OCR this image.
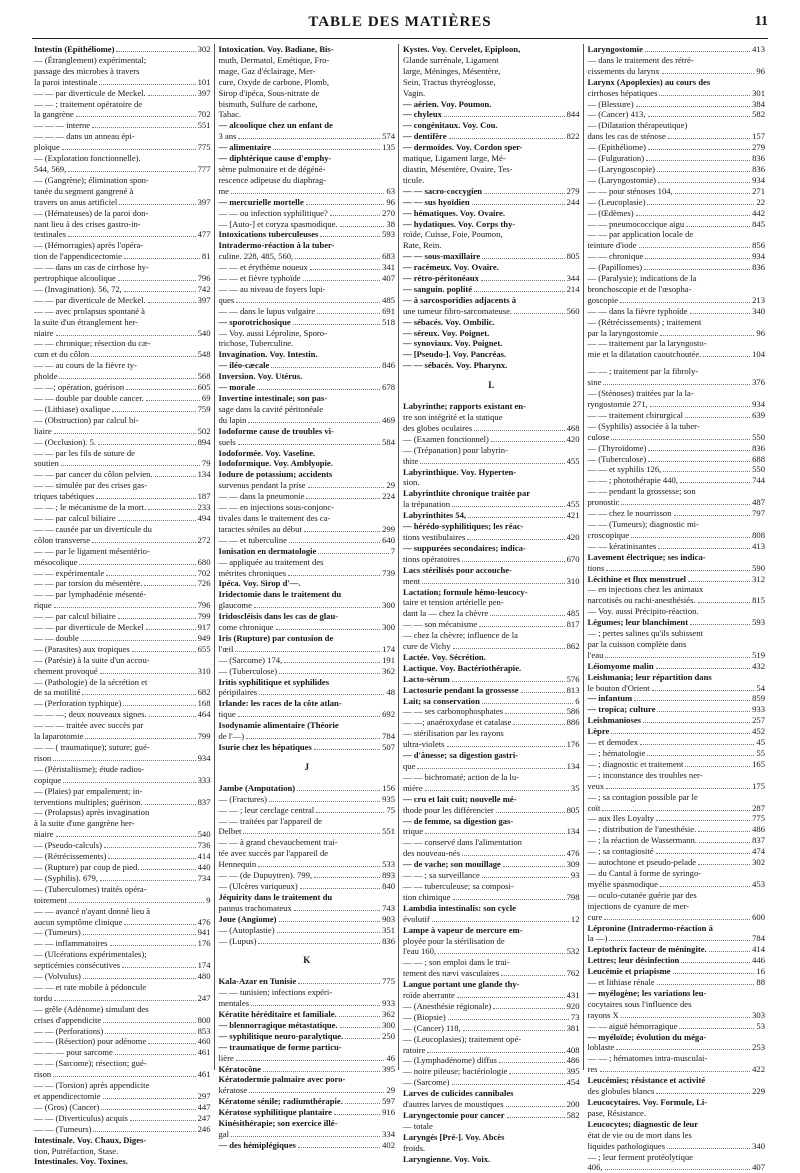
TABLE DES MATIÈRES	11
Intestin (Epithéliome)	302
— (Étranglement) expérimental;
passage des microbes à travers
la paroi intestinale	101
— — par diverticule de Meckel.	397
— — ; traitement opératoire de
la gangrène	702
— — — interne	551
— — — dans un anneau épi-
ploïque	775
— (Exploration fonctionnelle).
544, 569,	777
— (Gangrène); élimination spon-
tanée du segment gangrené à
travers un anus artificiel	397
— (Hémateuses) de la paroi don-
nant lieu à des crises gastro-in-
testinales	477
— (Hémorragies) après l'opéra-
tion de l'appendicectomie	81
— — dans un cas de cirrhose hy-
pertrophique alcoolique	796
— (Invagination). 56, 72,	742
— — par diverticule de Meckel.	397
— — avec prolapsus spontané à
la suite d'un étranglement her-
niaire	540
— — chronique; résection du cæ-
cum et du côlon	548
— — au cours de la fièvre ty-
phoïde	568
— —; opération, guérison	605
— — double par double cancer.	69
— (Lithiase) oxalique	759
— (Obstruction) par calcul bi-
liaire	502
— (Occlusion). 5.	894
— — par les fils de suture de
soutien	79
— — par cancer du côlon pelvien.	134
— — simulée par des crises gas-
triques tabétiques	187
— — ; le mécanisme de la mort.	233
— — par calcul biliaire	494
— — causée par un diverticule du
côlon transverse	272
— — par le ligament mésentério-
mésocolique	680
— — expérimentale	702
— — par torsion du mésentère.	726
— — par lymphadénie mésenté-
rique	796
— — par calcul biliaire	799
— — par diverticule de Meckel	917
— — double	949
— (Parasites) aux tropiques	655
— (Parésie) à la suite d'un accou-
chement provoqué	310
— (Pathologie) de la sécrétion et
de sa motilité	682
— (Perforation typhique)	168
— — —; deux nouveaux signes.	464
— — — traitée avec succès par
la laparotomie	799
— — ( traumatique); suture; gué-
rison	934
— (Péristaltisme); étude radios-
copique	333
— (Plaies) par empalement; in-
terventions multiples; guérison.	837
— (Prolapsus) après invagination
à la suite d'une gangrène her-
niaire	540
— (Pseudo-calculs)	736
— (Rétrécissements)	414
— (Rupture) par coup de pied.	440
— (Syphilis). 679,	734
— (Tuberculomes) traités opéra-
toirement	9
— — avancé n'ayant donné lieu à
aucun symptôme clinique	476
— (Tumeurs)	941
— — inflammatoires	176
— (Ulcérations expérimentales);
septicémies consécutives	174
— (Volvulus)	480
— — et rate mobile à pédoncule
tordu	247
— grêle (Adénome) simulant des
crises d'appendicite	800
— — (Perforations)	853
— — (Résection) pour adénome	460
— — — pour sarcome	461
— — (Sarcome); résection; gué-
rison	461
— — (Torsion) après appendicite
et appendicectomie	297
— (Gros) (Cancer)	447
— — (Diverticulus) acquis	247
— — (Tumeurs)	246
Intestinale. Voy. Chaux, Diges-
tion, Putréfaction, Stase.
Intestinales. Voy. Toxines.
Intoxication. Voy. Badiane, Bis-
muth, Dermatol, Emétique, Fro-
mage, Gaz d'éclairage, Mer-
cure, Oxyde de carbone, Plomb,
Sirop d'ipéca, Sous-nitrate de
bismuth, Sulfure de carbone,
Tabac.
— alcoolique chez un enfant de
3 ans	574
— alimentaire	135
— diphtérique cause d'emphy-
sème pulmonaire et de dégéné-
rescence adipeuse du diaphrag-
me	63
— mercurielle mortelle	96
— — ou infection syphilitique?	270
— [Auto-] et coryza spasmodique.	38
Intoxications tuberculeuses	593
Intradermo-réaction à la tuber-
culine. 228, 485, 560,	683
— — et érythème noueux	341
— — et fièvre typhoïde	407
— — au niveau de foyers lupi-
ques	485
— — dans le lupus vulgaire	691
— sporotrichosique	518
— Voy. aussi Léproline, Sporo-
trichose, Tuberculine.
Invagination. Voy. Intestin.
— iléo-cæcale	846
Inversion. Voy. Utérus.
— morale	678
Invertine intestinale; son pas-
sage dans la cavité péritonéale
du lapin	469
Iodoforme cause de troubles vi-
suels	584
Iodoformée. Voy. Vaseline.
Iodoformique. Voy. Amblyopie.
Iodure de potassium; accidents
survenus pendant la prise	29
— — dans la pneumonie	224
— — en injections sous-conjonc-
tivales dans le traitement des ca-
taractes séniles au début	299
— — et tuberculine	640
Ionisation en dermatologie	7
— appliquée au traitement des
métrites chroniques	739
Ipéca. Voy. Sirop d'—.
Iridectomie dans le traitement du
glaucome	300
Iridoscléisis dans les cas de glau-
come chronique	300
Iris (Rupture) par contusion de
l'œil	174
— (Sarcome) 174,	191
— (Tuberculose)	362
Iritis syphilitique et syphilides
péripilaires	48
Irlande: les races de la côte atlan-
tique	692
Isodynamie alimentaire (Théorie
de l'—)	784
Isurie chez les hépatiques	507
J
Jambe (Amputation)	156
— (Fractures)	935
— — ; leur cerclage central	75
— — traitées par l'appareil de
Delbet	551
— — à grand chevauchement trai-
tée avec succès par l'appareil de
Hennequin	533
— — (de Dupuytren). 799,	893
— (Ulcères variqueux)	840
Jéquirity dans le traitement du
pannus trachomateux	743
Joue (Angiome)	903
— (Autoplastie)	351
— (Lupus)	836
K
Kala-Azar en Tunisie	775
— — tunisien; infections expéri-
mentales	933
Kératite héréditaire et familiale.	362
— blennorragique métastatique.	300
— syphilitique neuro-paralytique.	250
— traumatique de forme particu-
lière	46
Kératocône	395
Kératodermie palmaire avec poro-
kératose	29
Kératome sénile; radiumthérapie.	597
Kératose syphilitique plantaire	916
Kinésithérapie; son exercice illé-
gal	334
— des hémiplégiques	402
Kystes. Voy. Cervelet, Epiploon,
Glande surrénale, Ligament
large, Méninges, Mésentère,
Sein, Tractus thyréoglosse,
Vagin.
— aérien. Voy. Poumon.
— chyleux	844
— congénitaux. Voy. Cou.
— dentifère	822
— dermoïdes. Voy. Cordon sper-
matique, Ligament large, Mé-
diastin, Mésentère, Ovaire, Tes-
ticule.
— — sacro-coccygien	279
— — sus hyoïdien	244
— hématiques. Voy. Ovaire.
— hydatiques. Voy. Corps thy-
roïde, Cuisse, Foie, Poumon,
Rate, Rein.
— — sous-maxillaire	805
— racémeux. Voy. Ovaire.
— rétro-péritonéaux	344
— sanguin. poplité	214
— à sarcosporidies adjacents à
une tumeur fibro-sarcomateuse.	560
— sébacés. Voy. Ombilic.
— séreux. Voy. Poignet.
— synoviaux. Voy. Poignet.
— [Pseudo-]. Voy. Pancréas.
— — sébacés. Voy. Pharynx.
L
Labyrinthe; rapports existant en-
tre son intégrité et la statique
des globes oculaires	468
— (Examen fonctionnel)	420
— (Trépanation) pour labyrin-
thite	455
Labyrinthique. Voy. Hyperten-
sion.
Labyrinthite chronique traitée par
la trépanation	455
Labyrinthites 54,	421
— hérédo-syphilitiques; les réac-
tions vestibulaires	420
— suppurées secondaires; indica-
tions opératoires	670
Lacs stérilisés pour accouche-
ment	310
Lactation; formule hémo-leucocy-
taire et tension artérielle pen-
dant la — chez la chèvre	485
— — son mécanisme	817
— chez la chèvre; influence de la
cure de Vichy	862
Lactée. Voy. Sécrétion.
Lactique. Voy. Bactériothérapie.
Lacto-sérum	576
Lactosurie pendant la grossesse	813
Lait; sa conservation	6
— — ses carbonophosphates	586
— —; anaéroxydase et catalase	886
— stérilisation par les rayons
ultra-violets	176
— d'ânesse; sa digestion gastri-
que	134
— — bichromaté; action de la lu-
mière	35
— cru et lait cuit; nouvelle mé-
thode pour les différencier	805
— de femme, sa digestion gas-
trique	134
— — conservé dans l'alimentation
des nouveau-nés	476
— de vache; son mouillage	309
— — ; sa surveillance	93
— — tuberculeuse; sa composi-
tion chimique	798
Lambdia intestinalis: son cycle
évolutif	12
Lampe à vapeur de mercure em-
ployée pour la stérilisation de
l'eau 160,	532
— — ; son emploi dans le trai-
tement des nævi vasculaires	762
Langue portant une glande thy-
roïde aberrante	431
— (Anesthésie régionale)	920
— (Biopsie)	73
— (Cancer) 118,	381
— (Leucoplasies); traitement opé-
ratoire	408
— (Lymphadénome) diffus	486
— noire pileuse; bactériologie	395
— (Sarcome)	454
Larves de culicides cannibales
d'autres larves de moustiques	200
Laryngectomie pour cancer	582
— totale
Laryngés [Pré-]. Voy. Abcès
froids.
Laryngienne. Voy. Voix.
Laryngostomie	413
— dans le traitement des rétré-
cissements du larynx	96
Larynx (Apoplexies) au cours des
cirrhoses hépatiques	301
— (Blessure)	384
— (Cancer) 413,	582
— (Dilatation thérapeutique)
dans les cas de sténose	157
— (Epithéliome)	279
— (Fulguration)	836
— (Laryngoscopie)	836
— (Laryngostomie)	934
— — pour sténoses 104,	271
— (Leucoplasie)	22
— (Œdèmes)	442
— — pneumococcique aigu	845
— — par application locale de
teinture d'iode	856
— — chronique	934
— (Papillomes)	836
— (Paralysie); indications de la
bronchoscopie et de l'œsopha-
goscopie	213
— — dans la fièvre typhoïde	340
— (Rétrécissements) ; traitement
par la laryngostomie	96
— — traitement par la laryngosto-
mie et la dilatation caoutchoutée.	104
— — ; traitement par la fibroly-
sine	376
— (Sténoses) traitées par la la-
ryngostomie 271,	934
— — traitement chirurgical	639
— (Syphilis) associée à la tuber-
culose	550
— (Thyroïdome)	836
— (Tuberculose)	688
— — et syphilis 126,	550
— — ; photothérapie 440,	744
— — pendant la grossesse; son
pronostic	487
— — chez le nourrisson	797
— — (Tumeurs); diagnostic mi-
croscopique	808
— — kératinisantes	413
Lavement électrique; ses indica-
tions	590
Lécithine et flux menstruel	312
— en injections chez les animaux
narcotisés ou rachi-anesthésiés.	815
— Voy. aussi Précipito-réaction.
Légumes; leur blanchiment	593
— ; pertes salines qu'ils subissent
par la cuisson complète dans
l'eau	519
Léiomyome malin	432
Leishmania; leur répartition dans
le bouton d'Orient	54
— infantum	859
— tropica; culture	933
Leishmanioses	257
Lèpre	452
— et demodex	45
— ; hématologie	55
— ; diagnostic et traitement	165
— ; inconstance des troubles ner-
veux	175
— ; sa contagion possible par le
coït	287
— aux Iles Loyalty	775
— ; distribution de l'anesthésie.	486
— ; la réaction de Wassermann.	837
— ; sa contagiosité	474
— autochtone et pseudo-pelade	302
— du Cantal à forme de syringo-
myélie spasmodique	453
— oculo-cutanée guérie par des
injections de cyanure de mer-
cure	600
Lépronine (Intradermo-réaction à
la —)	784
Leptothrix facteur de méningite.	414
Lettres; leur désinfection	446
Leucémie et priapisme	16
— et lithiase rénale	88
— myélogène; les variations leu-
cocytaires sous l'influence des
rayons X	303
— — aiguë hémorragique	53
— myéloïde; évolution du méga-
loblaste	253
— — ; hématomes intra-musculai-
res	422
Leucémies; résistance et activité
des globules blancs	229
Leucocytaires. Voy. Formule, Li-
pase, Résistance.
Leucocytes; diagnostic de leur
état de vie ou de mort dans les
liquides pathologiques	340
— ; leur ferment protéolytique
406,	407
